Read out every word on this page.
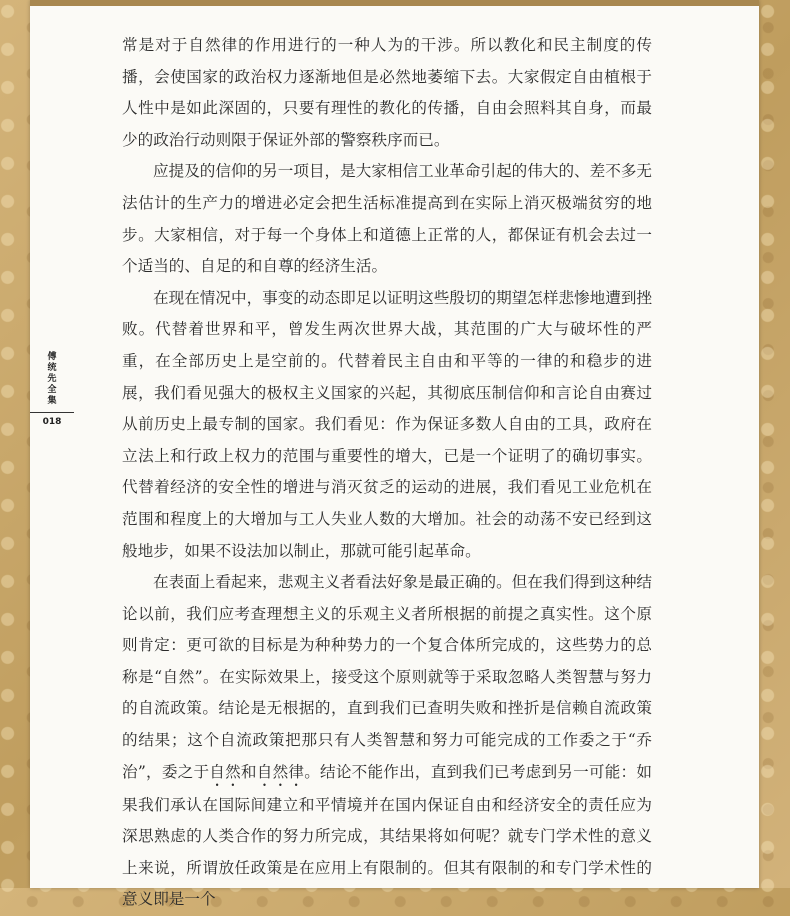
傅统先全集
018

常是对于自然律的作用进行的一种人为的干涉。所以教化和民主制度的传播，会使国家的政治权力逐渐地但是必然地萎缩下去。大家假定自由植根于人性中是如此深固的，只要有理性的教化的传播，自由会照料其自身，而最少的政治行动则限于保证外部的警察秩序而已。

应提及的信仰的另一项目，是大家相信工业革命引起的伟大的、差不多无法估计的生产力的增进必定会把生活标准提高到在实际上消灭极端贫穷的地步。大家相信，对于每一个身体上和道德上正常的人，都保证有机会去过一个适当的、自足的和自尊的经济生活。

在现在情况中，事变的动态即足以证明这些殷切的期望怎样悲惨地遭到挫败。代替着世界和平，曾发生两次世界大战，其范围的广大与破坏性的严重，在全部历史上是空前的。代替着民主自由和平等的一律的和稳步的进展，我们看见强大的极权主义国家的兴起，其彻底压制信仰和言论自由赛过从前历史上最专制的国家。我们看见：作为保证多数人自由的工具，政府在立法上和行政上权力的范围与重要性的增大，已是一个证明了的确切事实。代替着经济的安全性的增进与消灭贫乏的运动的进展，我们看见工业危机在范围和程度上的大增加与工人失业人数的大增加。社会的动荡不安已经到这般地步，如果不设法加以制止，那就可能引起革命。

在表面上看起来，悲观主义者看法好象是最正确的。但在我们得到这种结论以前，我们应考查理想主义的乐观主义者所根据的前提之真实性。这个原则肯定：更可欲的目标是为种种势力的一个复合体所完成的，这些势力的总称是“自然”。在实际效果上，接受这个原则就等于采取忽略人类智慧与努力的自流政策。结论是无根据的，直到我们已查明失败和挫折是信赖自流政策的结果；这个自流政策把那只有人类智慧和努力可能完成的工作委之于“乔治”，委之于自然和自然律。结论不能作出，直到我们已考虑到另一可能：如果我们承认在国际间建立和平情境并在国内保证自由和经济安全的责任应为深思熟虑的人类合作的努力所完成，其结果将如何呢？就专门学术性的意义上来说，所谓放任政策是在应用上有限制的。但其有限制的和专门学术性的意义即是一个
